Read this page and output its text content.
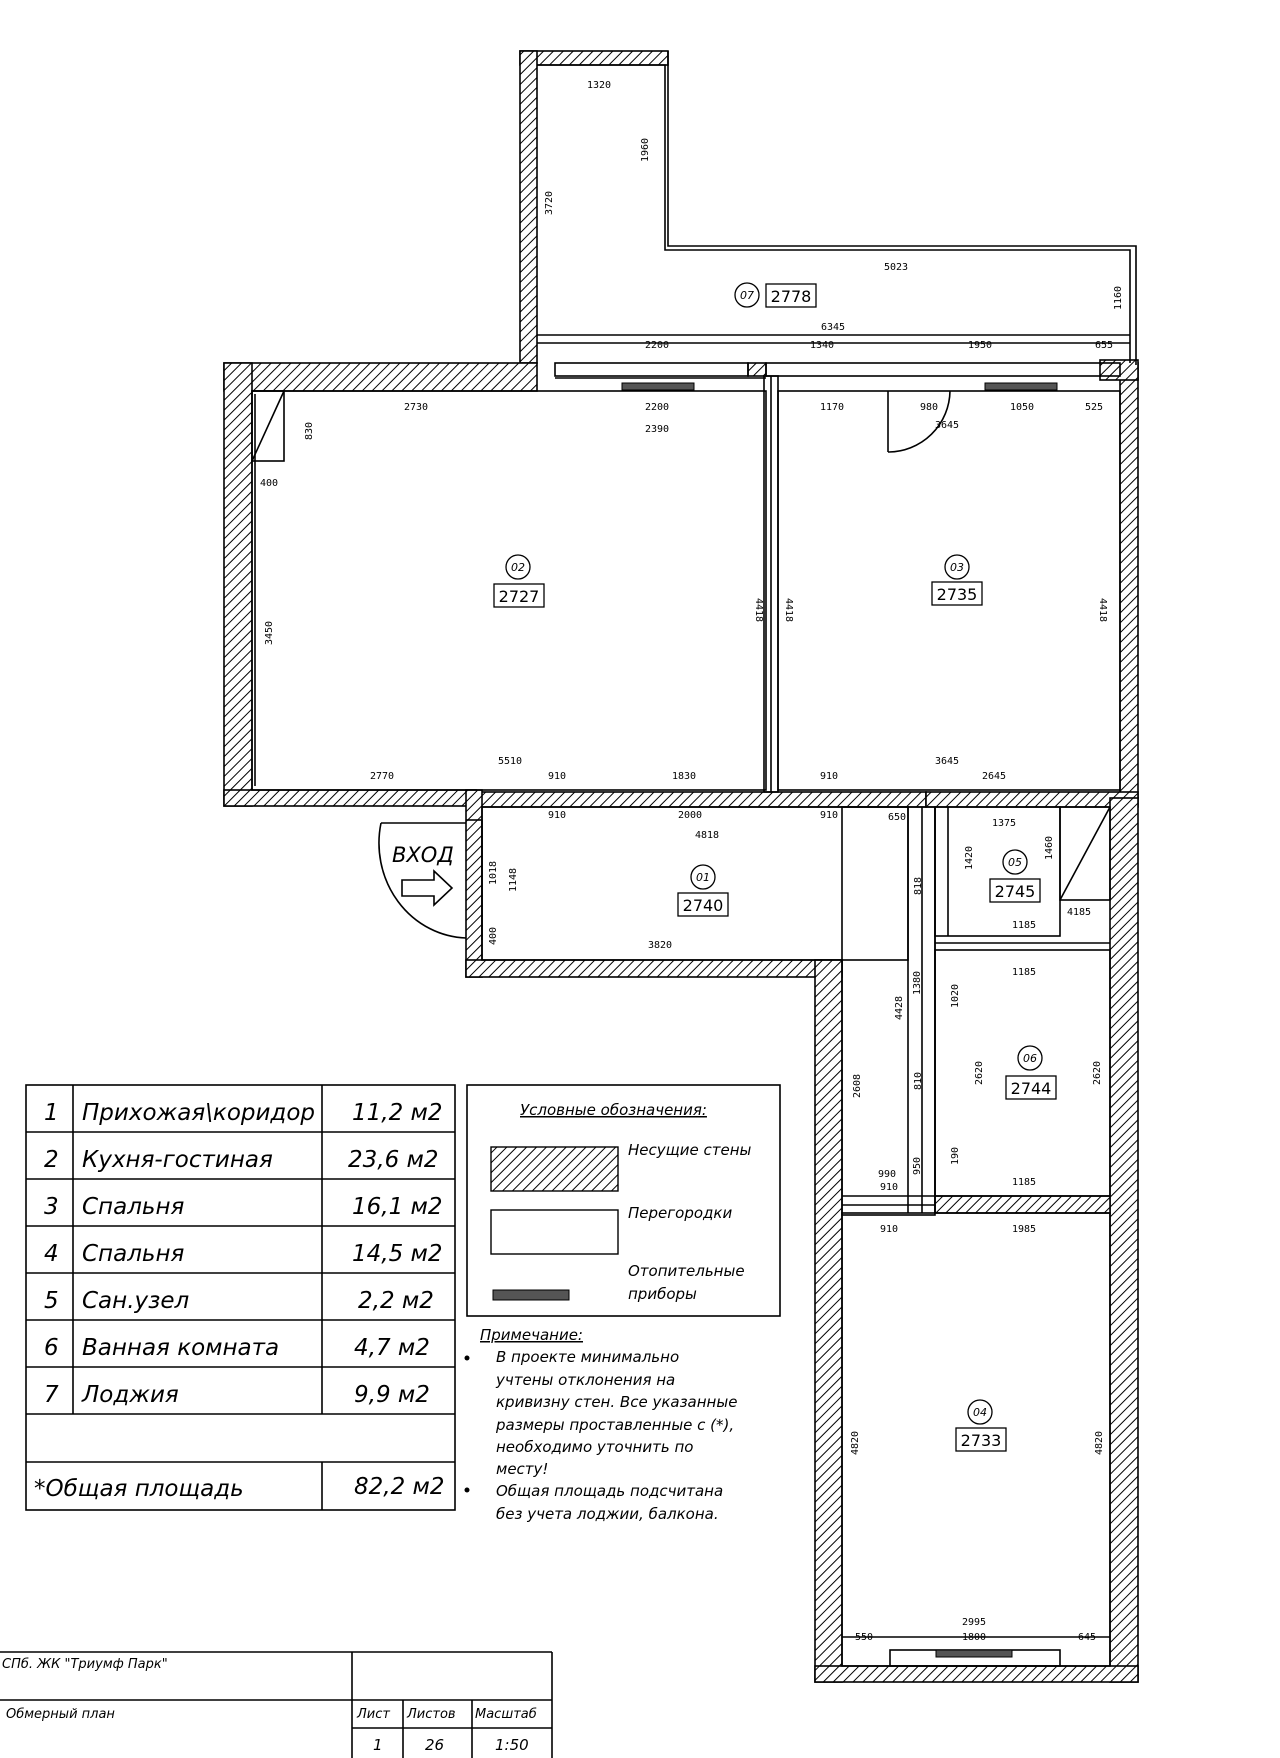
1320
1960
3720
5023
1160
6345
2200	1340	1950	655
2730	2200
2390
1170	980	1050	525
3645
830
400
3450
4418 4418	4418
5510
2770	910	1830	910
3645
2645
910	2000	910	650
4818
1375
1420	1460
1018 1148
400
1185
4185
3820
1185
4428
1380
1020
2608
2620	2620
818
810
190
950
990
910	1185
1985
910
4820	4820
2995
550	1800	645
07 2778
02
2727
03
2735
01
2740
05
2745
06
2744
04
2733
ВХОД
1 Прихожая\коридор 11,2 м2
2 Кухня-гостиная	23,6 м2
3 Спальня	16,1 м2
4 Спальня	14,5 м2
5 Сан.узел	2,2 м2
6 Ванная комната	4,7 м2
7 Лоджия	9,9 м2
*Общая площадь	82,2 м2
Условные обозначения:
Несущие стены
Перегородки
Отопительные
приборы
Примечание:
В проекте минимально
учтены отклонения на
кривизну стен. Все указанные
размеры проставленные с (*),
необходимо уточнить по
месту!
Общая площадь подсчитана
без учета лоджии, балкона.
СПб. ЖК "Триумф Парк"
Обмерный план	Лист Листов Масштаб
1	26	1:50
